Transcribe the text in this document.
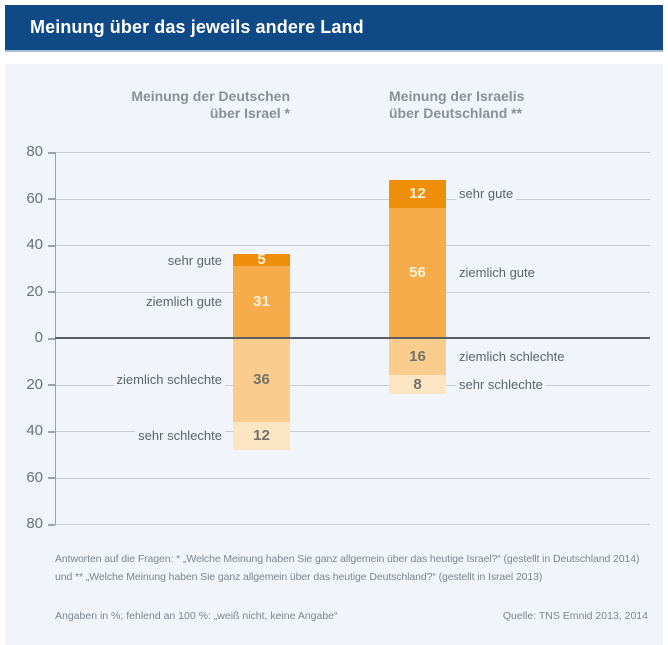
Meinung über das jeweils andere Land
Meinung der Deutschen
über Israel *
Meinung der Israelis
über Deutschland **
80
60
40
20
0
20
40
60
80
5
sehr gute
31
ziemlich gute
36
ziemlich schlechte
12
sehr schlechte
12	sehr gute
56	ziemlich gute
16	ziemlich schlechte
8	sehr schlechte
Antworten auf die Fragen: * „Welche Meinung haben Sie ganz allgemein über das heutige Israel?“ (gestellt in Deutschland 2014)
und ** „Welche Meinung haben Sie ganz allgemein über das heutige Deutschland?“ (gestellt in Israel 2013)
Angaben in %; fehlend an 100 %: „weiß nicht, keine Angabe“	Quelle: TNS Emnid 2013, 2014
